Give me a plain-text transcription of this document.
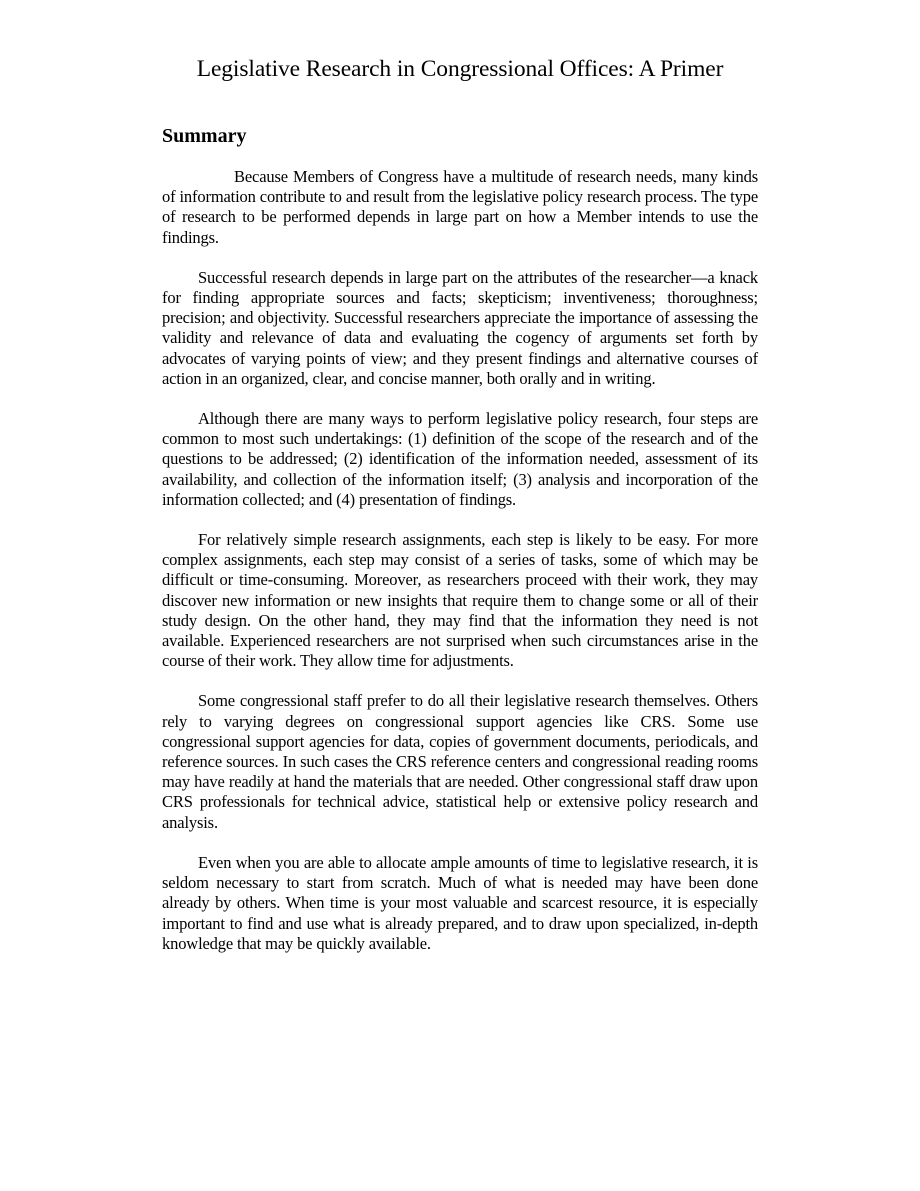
Legislative Research in Congressional Offices: A Primer
Summary

Because Members of Congress have a multitude of research needs, many kinds of information contribute to and result from the legislative policy research process. The type of research to be performed depends in large part on how a Member intends to use the findings.

Successful research depends in large part on the attributes of the researcher—a knack for finding appropriate sources and facts; skepticism; inventiveness; thoroughness; precision; and objectivity. Successful researchers appreciate the importance of assessing the validity and relevance of data and evaluating the cogency of arguments set forth by advocates of varying points of view; and they present findings and alternative courses of action in an organized, clear, and concise manner, both orally and in writing.

Although there are many ways to perform legislative policy research, four steps are common to most such undertakings: (1) definition of the scope of the research and of the questions to be addressed; (2) identification of the information needed, assessment of its availability, and collection of the information itself; (3) analysis and incorporation of the information collected; and (4) presentation of findings.

For relatively simple research assignments, each step is likely to be easy. For more complex assignments, each step may consist of a series of tasks, some of which may be difficult or time-consuming. Moreover, as researchers proceed with their work, they may discover new information or new insights that require them to change some or all of their study design. On the other hand, they may find that the information they need is not available. Experienced researchers are not surprised when such circumstances arise in the course of their work. They allow time for adjustments.

Some congressional staff prefer to do all their legislative research themselves. Others rely to varying degrees on congressional support agencies like CRS. Some use congressional support agencies for data, copies of government documents, periodicals, and reference sources. In such cases the CRS reference centers and congressional reading rooms may have readily at hand the materials that are needed. Other congressional staff draw upon CRS professionals for technical advice, statistical help or extensive policy research and analysis.

Even when you are able to allocate ample amounts of time to legislative research, it is seldom necessary to start from scratch. Much of what is needed may have been done already by others. When time is your most valuable and scarcest resource, it is especially important to find and use what is already prepared, and to draw upon specialized, in-depth knowledge that may be quickly available.
